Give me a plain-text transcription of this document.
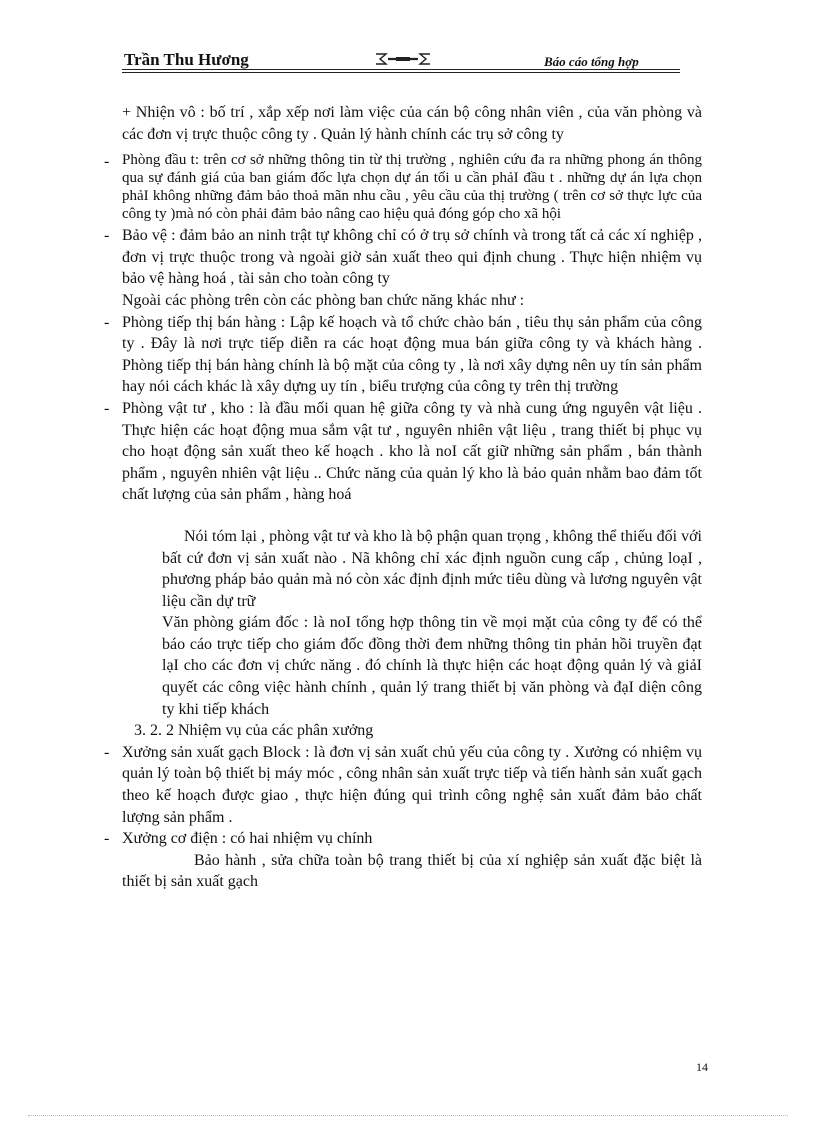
Trần Thu Hương	Báo cáo tổng hợp

+ Nhiện vô : bố trí , xắp xếp nơi làm việc của cán bộ công nhân viên , của văn phòng và các đơn vị trực thuộc công ty . Quản lý hành chính các trụ sở công ty

- Phòng đầu t: trên cơ sở những thông tin từ thị trường , nghiên cứu đa ra những phong án thông qua sự đánh giá của ban giám đốc lựa chọn dự án tối u cần phảI đầu t . những dự án lựa chọn phảI không những đảm bảo thoả mãn nhu cầu , yêu cầu của thị trường ( trên cơ sở thực lực của công ty )mà nó còn phải đảm bảo nâng cao hiệu quả đóng góp cho xã hội

- Bảo vệ : đảm bảo an ninh trật tự không chỉ có ở trụ sở chính và trong tất cả các xí nghiệp , đơn vị trực thuộc trong và ngoài giờ sản xuất theo qui định chung . Thực hiện nhiệm vụ bảo vệ hàng hoá , tài sản cho toàn công ty

Ngoài các phòng trên còn các phòng ban chức năng khác như :

- Phòng tiếp thị bán hàng : Lập kế hoạch và tổ chức chào bán , tiêu thụ sản phẩm của công ty . Đây là nơi trực tiếp diễn ra các hoạt động mua bán giữa công ty và khách hàng . Phòng tiếp thị bán hàng chính là bộ mặt của công ty , là nơi xây dựng nên uy tín sản phẩm hay nói cách khác là xây dựng uy tín , biểu trượng của công ty trên thị trường

- Phòng vật tư , kho : là đầu mối quan hệ giữa công ty và nhà cung ứng nguyên vật liệu . Thực hiện các hoạt động mua sắm vật tư , nguyên nhiên vật liệu , trang thiết bị phục vụ cho hoạt động sản xuất theo kế hoạch . kho là noI cất giữ những sản phẩm , bán thành phẩm , nguyên nhiên vật liệu .. Chức năng của quản lý kho là bảo quản nhằm bao đảm tốt chất lượng của sản phẩm , hàng hoá

Nói tóm lại , phòng vật tư và kho là bộ phận quan trọng , không thể thiếu đối với bất cứ đơn vị sản xuất nào . Nã không chỉ xác định nguồn cung cấp , chủng loạI , phương pháp bảo quản mà nó còn xác định định mức tiêu dùng và lương nguyên vật liệu cần dự trữ

Văn phòng giám đốc : là noI tổng hợp thông tin về mọi mặt của công ty để có thể báo cáo trực tiếp cho giám đốc đồng thời đem những thông tin phản hồi truyền đạt lạI cho các đơn vị chức năng . đó chính là thực hiện các hoạt động quản lý và giảI quyết các công việc hành chính , quản lý trang thiết bị văn phòng và đạI diện công ty khi tiếp khách

3. 2. 2 Nhiệm vụ của các phân xưởng

- Xưởng sản xuất gạch Block : là đơn vị sản xuất chủ yếu của công ty . Xưởng có nhiệm vụ quản lý toàn bộ thiết bị máy móc , công nhân sản xuất trực tiếp và tiến hành sản xuất gạch theo kế hoạch được giao , thực hiện đúng qui trình công nghệ sản xuất đảm bảo chất lượng sản phẩm .

- Xưởng cơ điện : có hai nhiệm vụ chính

Bảo hành , sửa chữa toàn bộ trang thiết bị của xí nghiệp sản xuất đặc biệt là thiết bị sản xuất gạch

14
